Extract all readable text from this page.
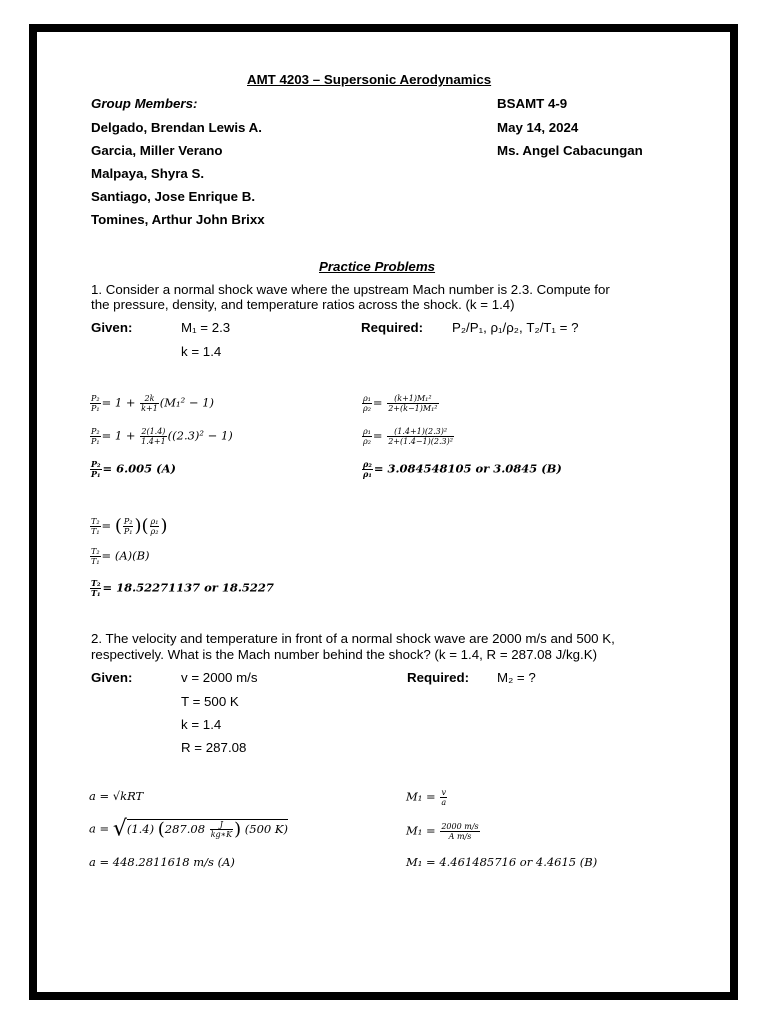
AMT 4203 – Supersonic Aerodynamics
Group Members:
Delgado, Brendan Lewis A.
Garcia, Miller Verano
Malpaya, Shyra S.
Santiago, Jose Enrique B.
Tomines, Arthur John Brixx
BSAMT 4-9
May 14, 2024
Ms. Angel Cabacungan
Practice Problems
1. Consider a normal shock wave where the upstream Mach number is 2.3. Compute for
the pressure, density, and temperature ratios across the shock. (k = 1.4)
Given:	M₁ = 2.3
k = 1.4
Required: P₂/P₁, ρ₁/ρ₂, T₂/T₁ = ?
$\frac{\text{P₂}}{\text{P₁}} = 1 + \frac{2k}{k+1} (M_1^2 - 1)$
$\frac{\text{P₂}}{\text{P₁}} = 1 + \frac{2(1.4)}{1.4+1} ((2.3)^2 - 1)$
$\frac{\text{P₂}}{\text{P₁}} = 6.005$ (A)
$\frac{\text{ρ₁}}{\text{ρ₂}} = \frac{\text{(k+1)M₁²}}{\text{2+(k−1)M₁²}}$
$\frac{\text{ρ₁}}{\text{ρ₂}} = \frac{\text{(1.4+1)(2.3)²}}{\text{2+(1.4−1)(2.3)²}}$
$\frac{\text{ρ₂}}{\text{ρ₁}} = 3.084548105$ or 3.0845 (B)
$\frac{\text{T₂}}{\text{T₁}}$ = ( $\frac{\text{P₂}}{\text{P₁}}$ )( $\frac{\text{ρ₁}}{\text{ρ₂}}$ )
$\frac{\text{T₂}}{\text{T₁}} = (A)(B)$
$\frac{\text{T₂}}{\text{T₁}} = 18.52271137$ or 18.5227
2. The velocity and temperature in front of a normal shock wave are 2000 m/s and 500 K,
respectively. What is the Mach number behind the shock? (k = 1.4, R = 287.08 J/kg.K)
Given:	v = 2000 m/s
T = 500 K
k = 1.4
R = 287.08
Required: M₂ = ?
a = √kRT
a = √(1.4) ($287.08 \frac{J}{kg∗K}$ ) (500 K)
a = 448.2811618 m/s (A)
$M_1 = \frac{v}{a}$
$M_1 = \frac{2000 m/s}{\text{A m/s}}$
M₁ = 4.461485716 or 4.4615 (B)
